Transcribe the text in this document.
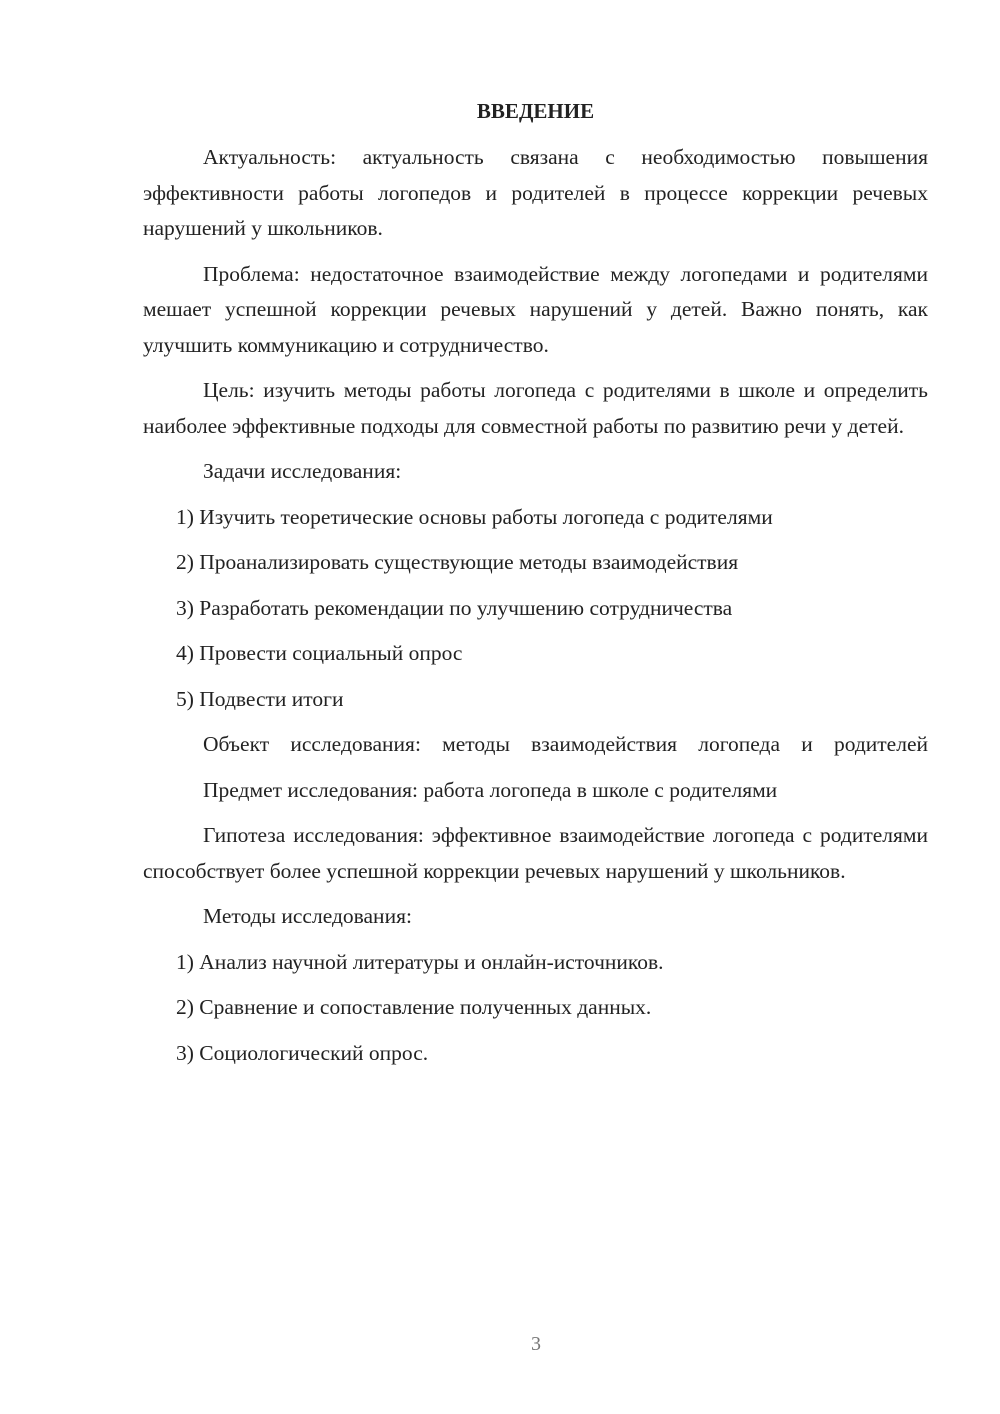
ВВЕДЕНИЕ

Актуальность: актуальность связана с необходимостью повышения эффективности работы логопедов и родителей в процессе коррекции речевых нарушений у школьников.

Проблема: недостаточное взаимодействие между логопедами и родителями мешает успешной коррекции речевых нарушений у детей. Важно понять, как улучшить коммуникацию и сотрудничество.

Цель: изучить методы работы логопеда с родителями в школе и определить наиболее эффективные подходы для совместной работы по развитию речи у детей.

Задачи исследования:

1) Изучить теоретические основы работы логопеда с родителями

2) Проанализировать существующие методы взаимодействия

3) Разработать рекомендации по улучшению сотрудничества

4) Провести социальный опрос

5) Подвести итоги

Объект исследования: методы взаимодействия логопеда и родителей

Предмет исследования: работа логопеда в школе с родителями

Гипотеза исследования: эффективное взаимодействие логопеда с родителями способствует более успешной коррекции речевых нарушений у школьников.

Методы исследования:

1) Анализ научной литературы и онлайн-источников.

2) Сравнение и сопоставление полученных данных.

3) Социологический опрос.

3
